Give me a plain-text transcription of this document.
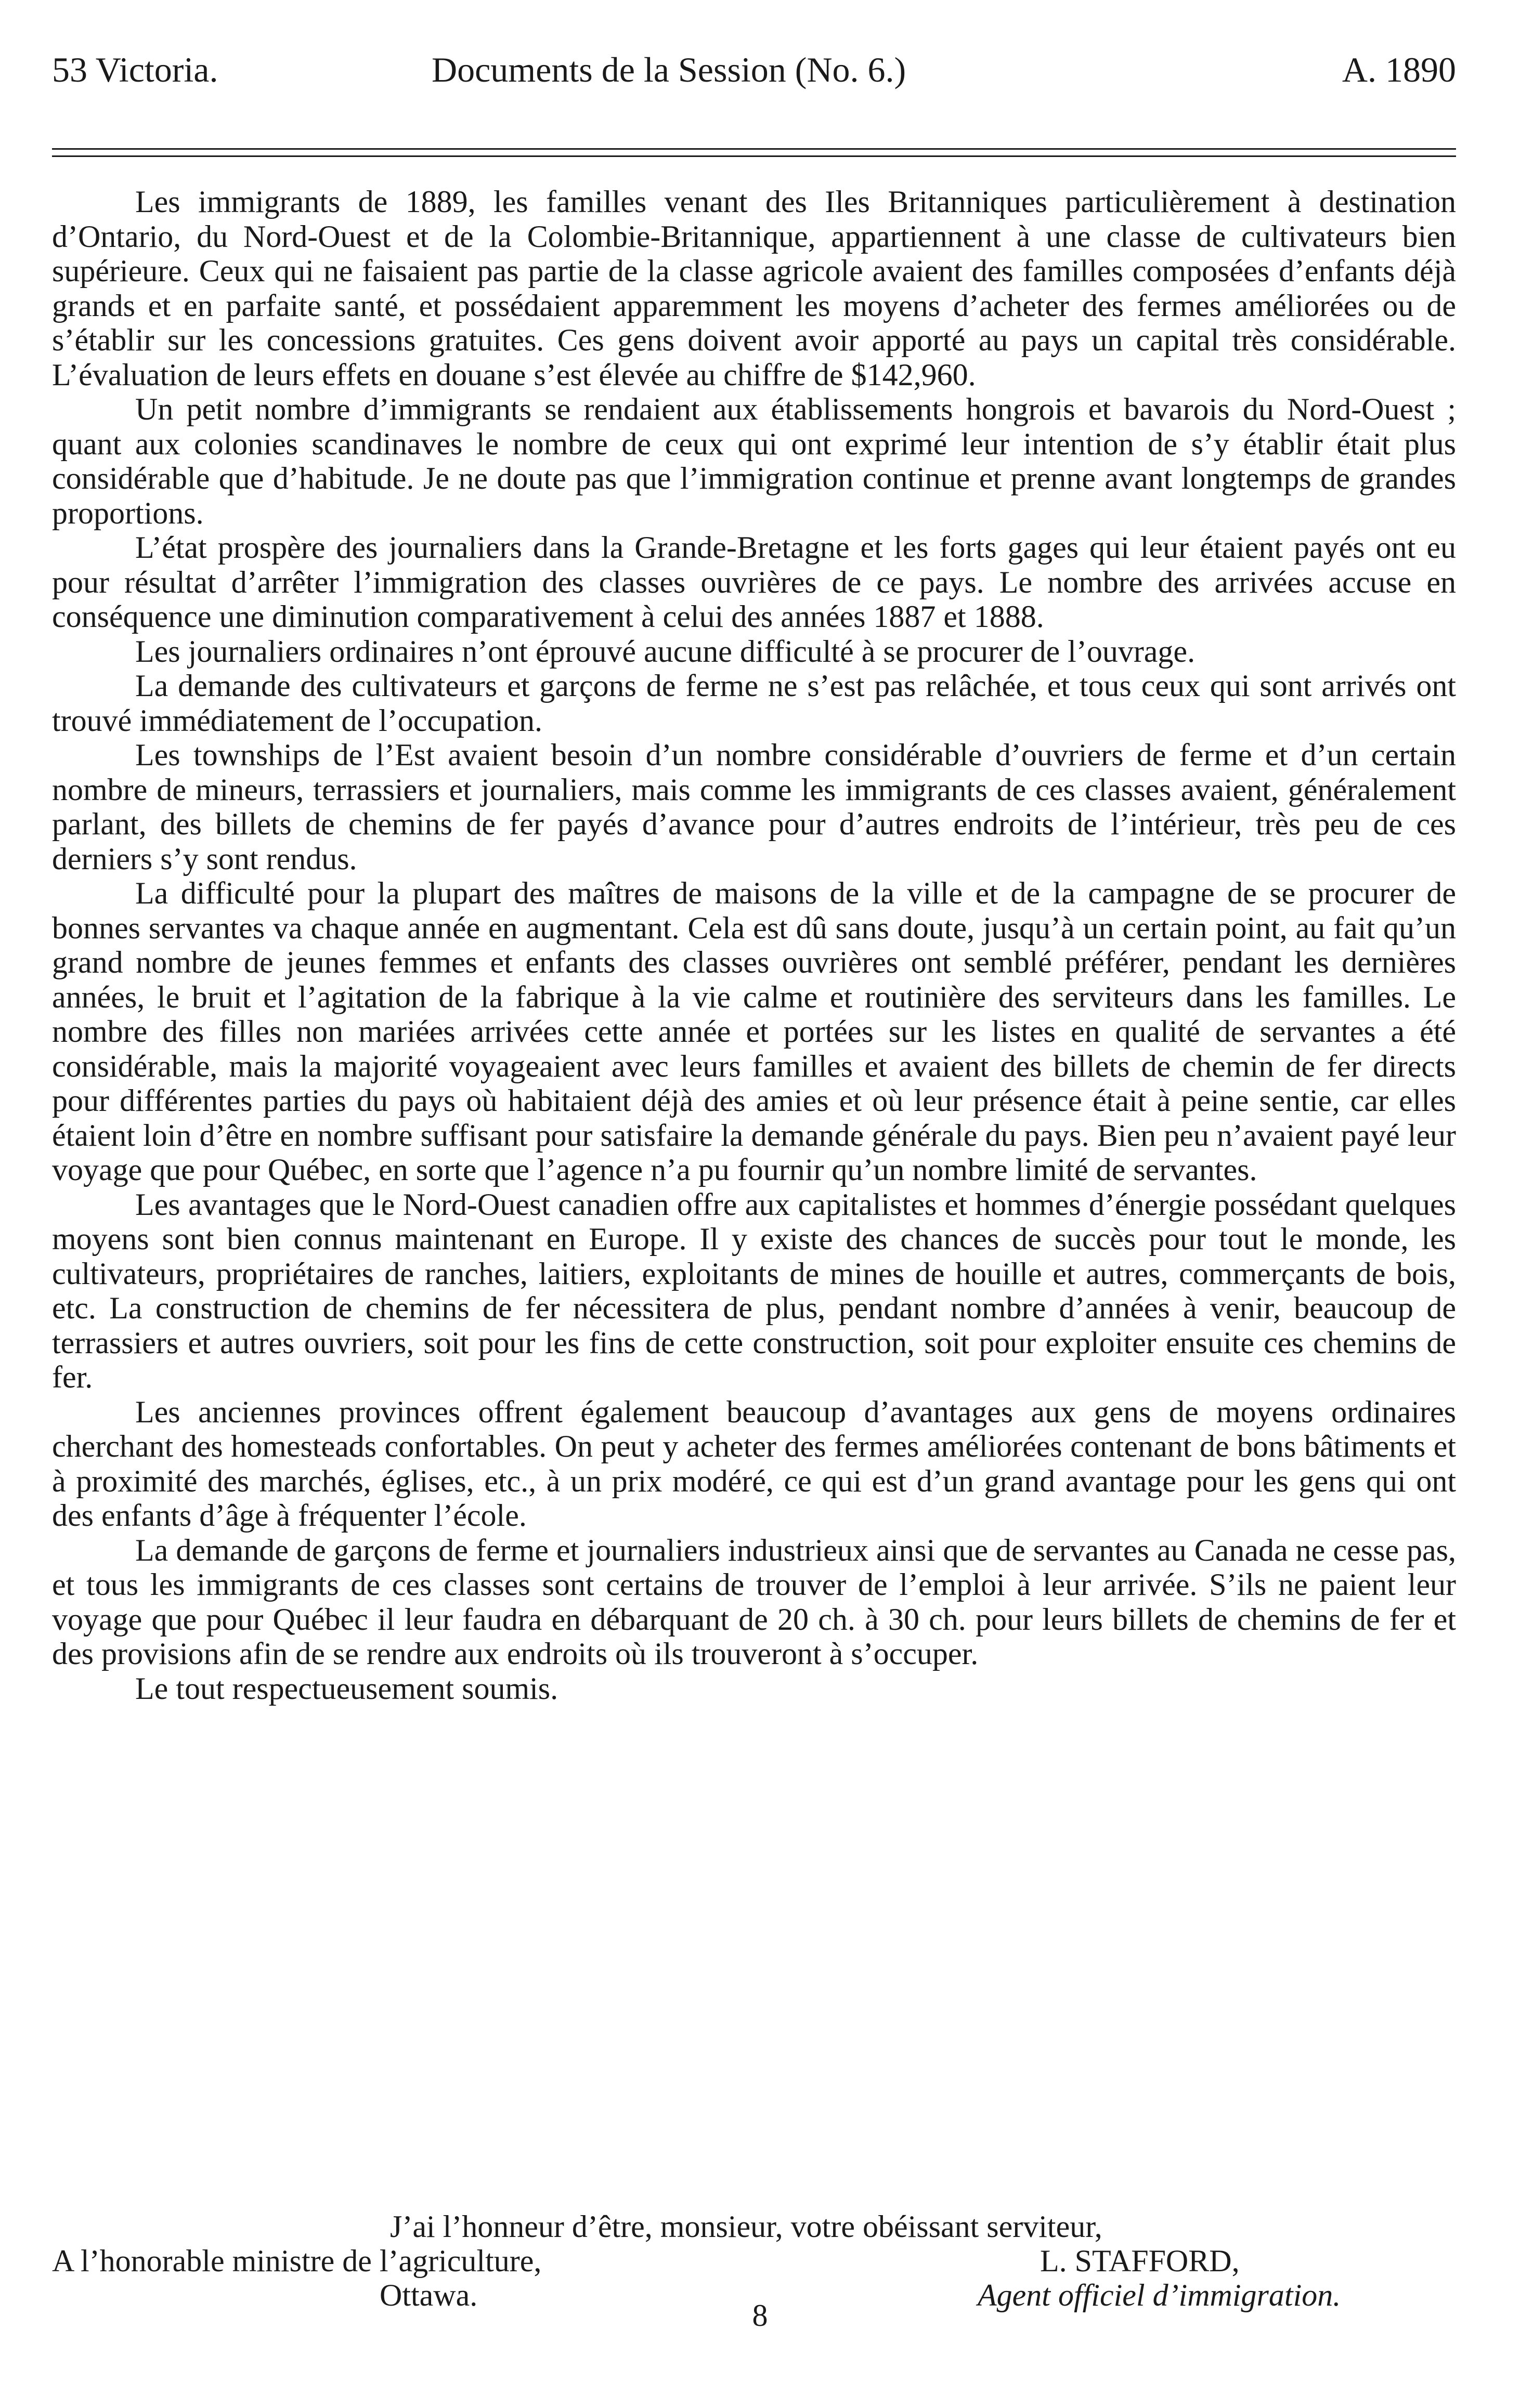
53 Victoria.	Documents de la Session (No. 6.)	A. 1890

Les immigrants de 1889, les familles venant des Iles Britanniques particulièrement à destination d’Ontario, du Nord-Ouest et de la Colombie-Britannique, appartiennent à une classe de cultivateurs bien supérieure. Ceux qui ne faisaient pas partie de la classe agricole avaient des familles composées d’enfants déjà grands et en parfaite santé, et possédaient apparemment les moyens d’acheter des fermes améliorées ou de s’établir sur les concessions gratuites. Ces gens doivent avoir apporté au pays un capital très considérable. L’évaluation de leurs effets en douane s’est élevée au chiffre de $142,960.

Un petit nombre d’immigrants se rendaient aux établissements hongrois et bavarois du Nord-Ouest ; quant aux colonies scandinaves le nombre de ceux qui ont exprimé leur intention de s’y établir était plus considérable que d’habitude. Je ne doute pas que l’immigration continue et prenne avant longtemps de grandes proportions.

L’état prospère des journaliers dans la Grande-Bretagne et les forts gages qui leur étaient payés ont eu pour résultat d’arrêter l’immigration des classes ouvrières de ce pays. Le nombre des arrivées accuse en conséquence une diminution comparativement à celui des années 1887 et 1888.

Les journaliers ordinaires n’ont éprouvé aucune difficulté à se procurer de l’ouvrage.

La demande des cultivateurs et garçons de ferme ne s’est pas relâchée, et tous ceux qui sont arrivés ont trouvé immédiatement de l’occupation.

Les townships de l’Est avaient besoin d’un nombre considérable d’ouvriers de ferme et d’un certain nombre de mineurs, terrassiers et journaliers, mais comme les immigrants de ces classes avaient, généralement parlant, des billets de chemins de fer payés d’avance pour d’autres endroits de l’intérieur, très peu de ces derniers s’y sont rendus.

La difficulté pour la plupart des maîtres de maisons de la ville et de la campagne de se procurer de bonnes servantes va chaque année en augmentant. Cela est dû sans doute, jusqu’à un certain point, au fait qu’un grand nombre de jeunes femmes et enfants des classes ouvrières ont semblé préférer, pendant les dernières années, le bruit et l’agitation de la fabrique à la vie calme et routinière des serviteurs dans les familles. Le nombre des filles non mariées arrivées cette année et portées sur les listes en qualité de servantes a été considérable, mais la majorité voyageaient avec leurs familles et avaient des billets de chemin de fer directs pour différentes parties du pays où habitaient déjà des amies et où leur présence était à peine sentie, car elles étaient loin d’être en nombre suffisant pour satisfaire la demande générale du pays. Bien peu n’avaient payé leur voyage que pour Québec, en sorte que l’agence n’a pu fournir qu’un nombre limité de servantes.

Les avantages que le Nord-Ouest canadien offre aux capitalistes et hommes d’énergie possédant quelques moyens sont bien connus maintenant en Europe. Il y existe des chances de succès pour tout le monde, les cultivateurs, propriétaires de ranches, laitiers, exploitants de mines de houille et autres, commerçants de bois, etc. La construction de chemins de fer nécessitera de plus, pendant nombre d’années à venir, beaucoup de terrassiers et autres ouvriers, soit pour les fins de cette construction, soit pour exploiter ensuite ces chemins de fer.

Les anciennes provinces offrent également beaucoup d’avantages aux gens de moyens ordinaires cherchant des homesteads confortables. On peut y acheter des fermes améliorées contenant de bons bâtiments et à proximité des marchés, églises, etc., à un prix modéré, ce qui est d’un grand avantage pour les gens qui ont des enfants d’âge à fréquenter l’école.

La demande de garçons de ferme et journaliers industrieux ainsi que de servantes au Canada ne cesse pas, et tous les immigrants de ces classes sont certains de trouver de l’emploi à leur arrivée. S’ils ne paient leur voyage que pour Québec il leur faudra en débarquant de 20 ch. à 30 ch. pour leurs billets de chemins de fer et des provisions afin de se rendre aux endroits où ils trouveront à s’occuper.

Le tout respectueusement soumis.

J’ai l’honneur d’être, monsieur, votre obéissant serviteur,
A l’honorable ministre de l’agriculture,
Ottawa.
L. STAFFORD,
Agent officiel d’immigration.
8
